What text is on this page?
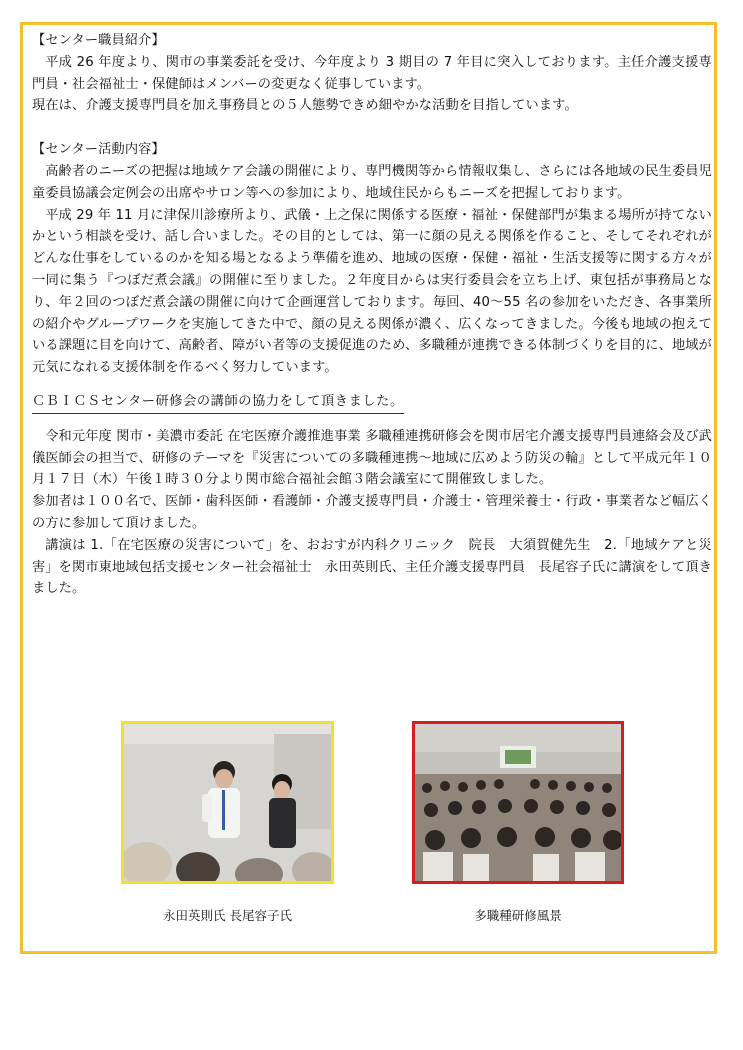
【センター職員紹介】

平成 26 年度より、関市の事業委託を受け、今年度より 3 期目の 7 年目に突入しております。主任介護支援専門員・社会福祉士・保健師はメンバーの変更なく従事しています。

現在は、介護支援専門員を加え事務員との５人態勢できめ細やかな活動を目指しています。

【センター活動内容】

高齢者のニーズの把握は地域ケア会議の開催により、専門機関等から情報収集し、さらには各地域の民生委員児童委員協議会定例会の出席やサロン等への参加により、地域住民からもニーズを把握しております。

平成 29 年 11 月に津保川診療所より、武儀・上之保に関係する医療・福祉・保健部門が集まる場所が持てないかという相談を受け、話し合いました。その目的としては、第一に顔の見える関係を作ること、そしてそれぞれがどんな仕事をしているのかを知る場となるよう準備を進め、地域の医療・保健・福祉・生活支援等に関する方々が一同に集う『つぼだ煮会議』の開催に至りました。２年度目からは実行委員会を立ち上げ、東包括が事務局となり、年２回のつぼだ煮会議の開催に向けて企画運営しております。毎回、40～55 名の参加をいただき、各事業所の紹介やグループワークを実施してきた中で、顔の見える関係が濃く、広くなってきました。今後も地域の抱えている課題に目を向けて、高齢者、障がい者等の支援促進のため、多職種が連携できる体制づくりを目的に、地域が元気になれる支援体制を作るべく努力しています。

ＣＢＩＣＳセンター研修会の講師の協力をして頂きました。

令和元年度 関市・美濃市委託 在宅医療介護推進事業 多職種連携研修会を関市居宅介護支援専門員連絡会及び武儀医師会の担当で、研修のテーマを『災害についての多職種連携～地域に広めよう防災の輪』として平成元年１０月１７日（木）午後１時３０分より関市総合福祉会館３階会議室にて開催致しました。

参加者は１００名で、医師・歯科医師・看護師・介護支援専門員・介護士・管理栄養士・行政・事業者など幅広くの方に参加して頂けました。

講演は 1.「在宅医療の災害について」を、おおすが内科クリニック　院長　大須賀健先生　2.「地域ケアと災害」を関市東地域包括支援センター社会福祉士　永田英則氏、主任介護支援専門員　長尾容子氏に講演をして頂きました。

永田英則氏 長尾容子氏	多職種研修風景
